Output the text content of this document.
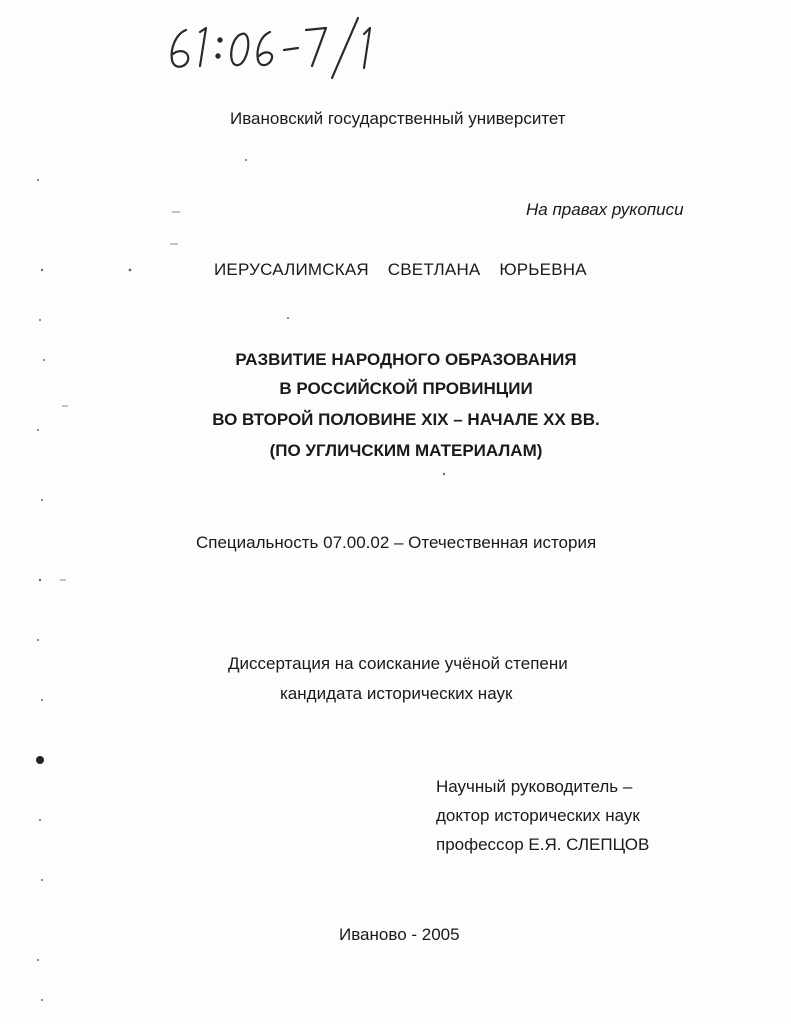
Ивановский государственный университет
На правах рукописи
ИЕРУСАЛИМСКАЯ СВЕТЛАНА ЮРЬЕВНА
РАЗВИТИЕ НАРОДНОГО ОБРАЗОВАНИЯ
В РОССИЙСКОЙ ПРОВИНЦИИ
ВО ВТОРОЙ ПОЛОВИНЕ XIX – НАЧАЛЕ XX ВВ.
(ПО УГЛИЧСКИМ МАТЕРИАЛАМ)
Специальность 07.00.02 – Отечественная история
Диссертация на соискание учёной степени
кандидата исторических наук
Научный руководитель –
доктор исторических наук
профессор Е.Я. СЛЕПЦОВ
Иваново - 2005
